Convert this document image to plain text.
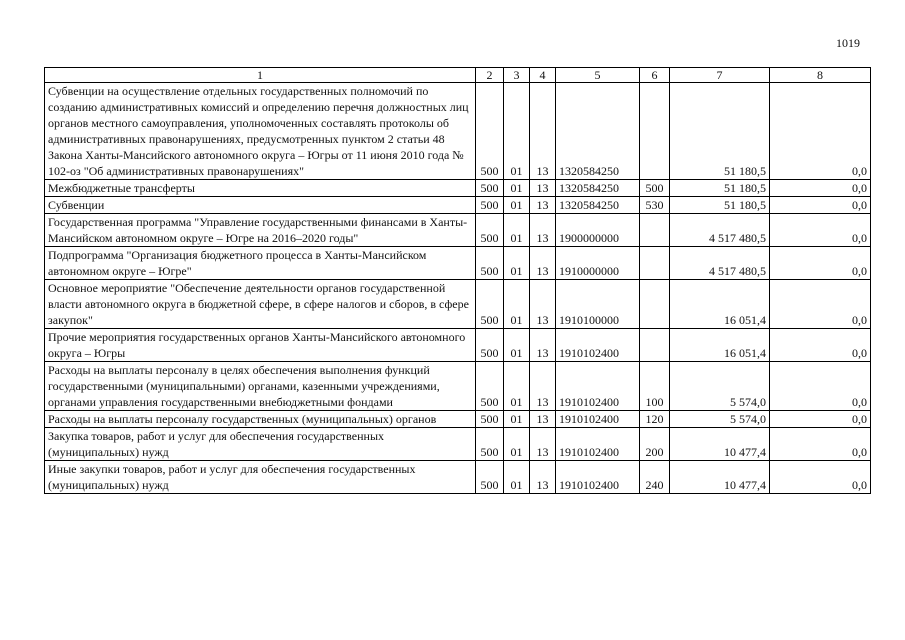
1019
1	2	3	4	5	6	7	8
Субвенции на осуществление отдельных государственных полномочий по созданию административных комиссий и определению перечня должностных лиц органов местного самоуправления, уполномоченных составлять протоколы об административных правонарушениях, предусмотренных пунктом 2 статьи 48 Закона Ханты-Мансийского автономного округа – Югры от 11 июня 2010 года № 102-оз "Об административных правонарушениях"	500	01	13	1320584250		51 180,5	0,0
Межбюджетные трансферты	500	01	13	1320584250	500	51 180,5	0,0
Субвенции	500	01	13	1320584250	530	51 180,5	0,0
Государственная программа "Управление государственными финансами в Ханты-Мансийском автономном округе – Югре на 2016–2020 годы"	500	01	13	1900000000		4 517 480,5	0,0
Подпрограмма "Организация бюджетного процесса в Ханты-Мансийском автономном округе – Югре"	500	01	13	1910000000		4 517 480,5	0,0
Основное мероприятие "Обеспечение деятельности органов государственной власти автономного округа в бюджетной сфере, в сфере налогов и сборов, в сфере закупок"	500	01	13	1910100000		16 051,4	0,0
Прочие мероприятия государственных органов Ханты-Мансийского автономного округа – Югры	500	01	13	1910102400		16 051,4	0,0
Расходы на выплаты персоналу в целях обеспечения выполнения функций государственными (муниципальными) органами, казенными учреждениями, органами управления государственными внебюджетными фондами	500	01	13	1910102400	100	5 574,0	0,0
Расходы на выплаты персоналу государственных (муниципальных) органов	500	01	13	1910102400	120	5 574,0	0,0
Закупка товаров, работ и услуг для обеспечения государственных (муниципальных) нужд	500	01	13	1910102400	200	10 477,4	0,0
Иные закупки товаров, работ и услуг для обеспечения государственных (муниципальных) нужд	500	01	13	1910102400	240	10 477,4	0,0
